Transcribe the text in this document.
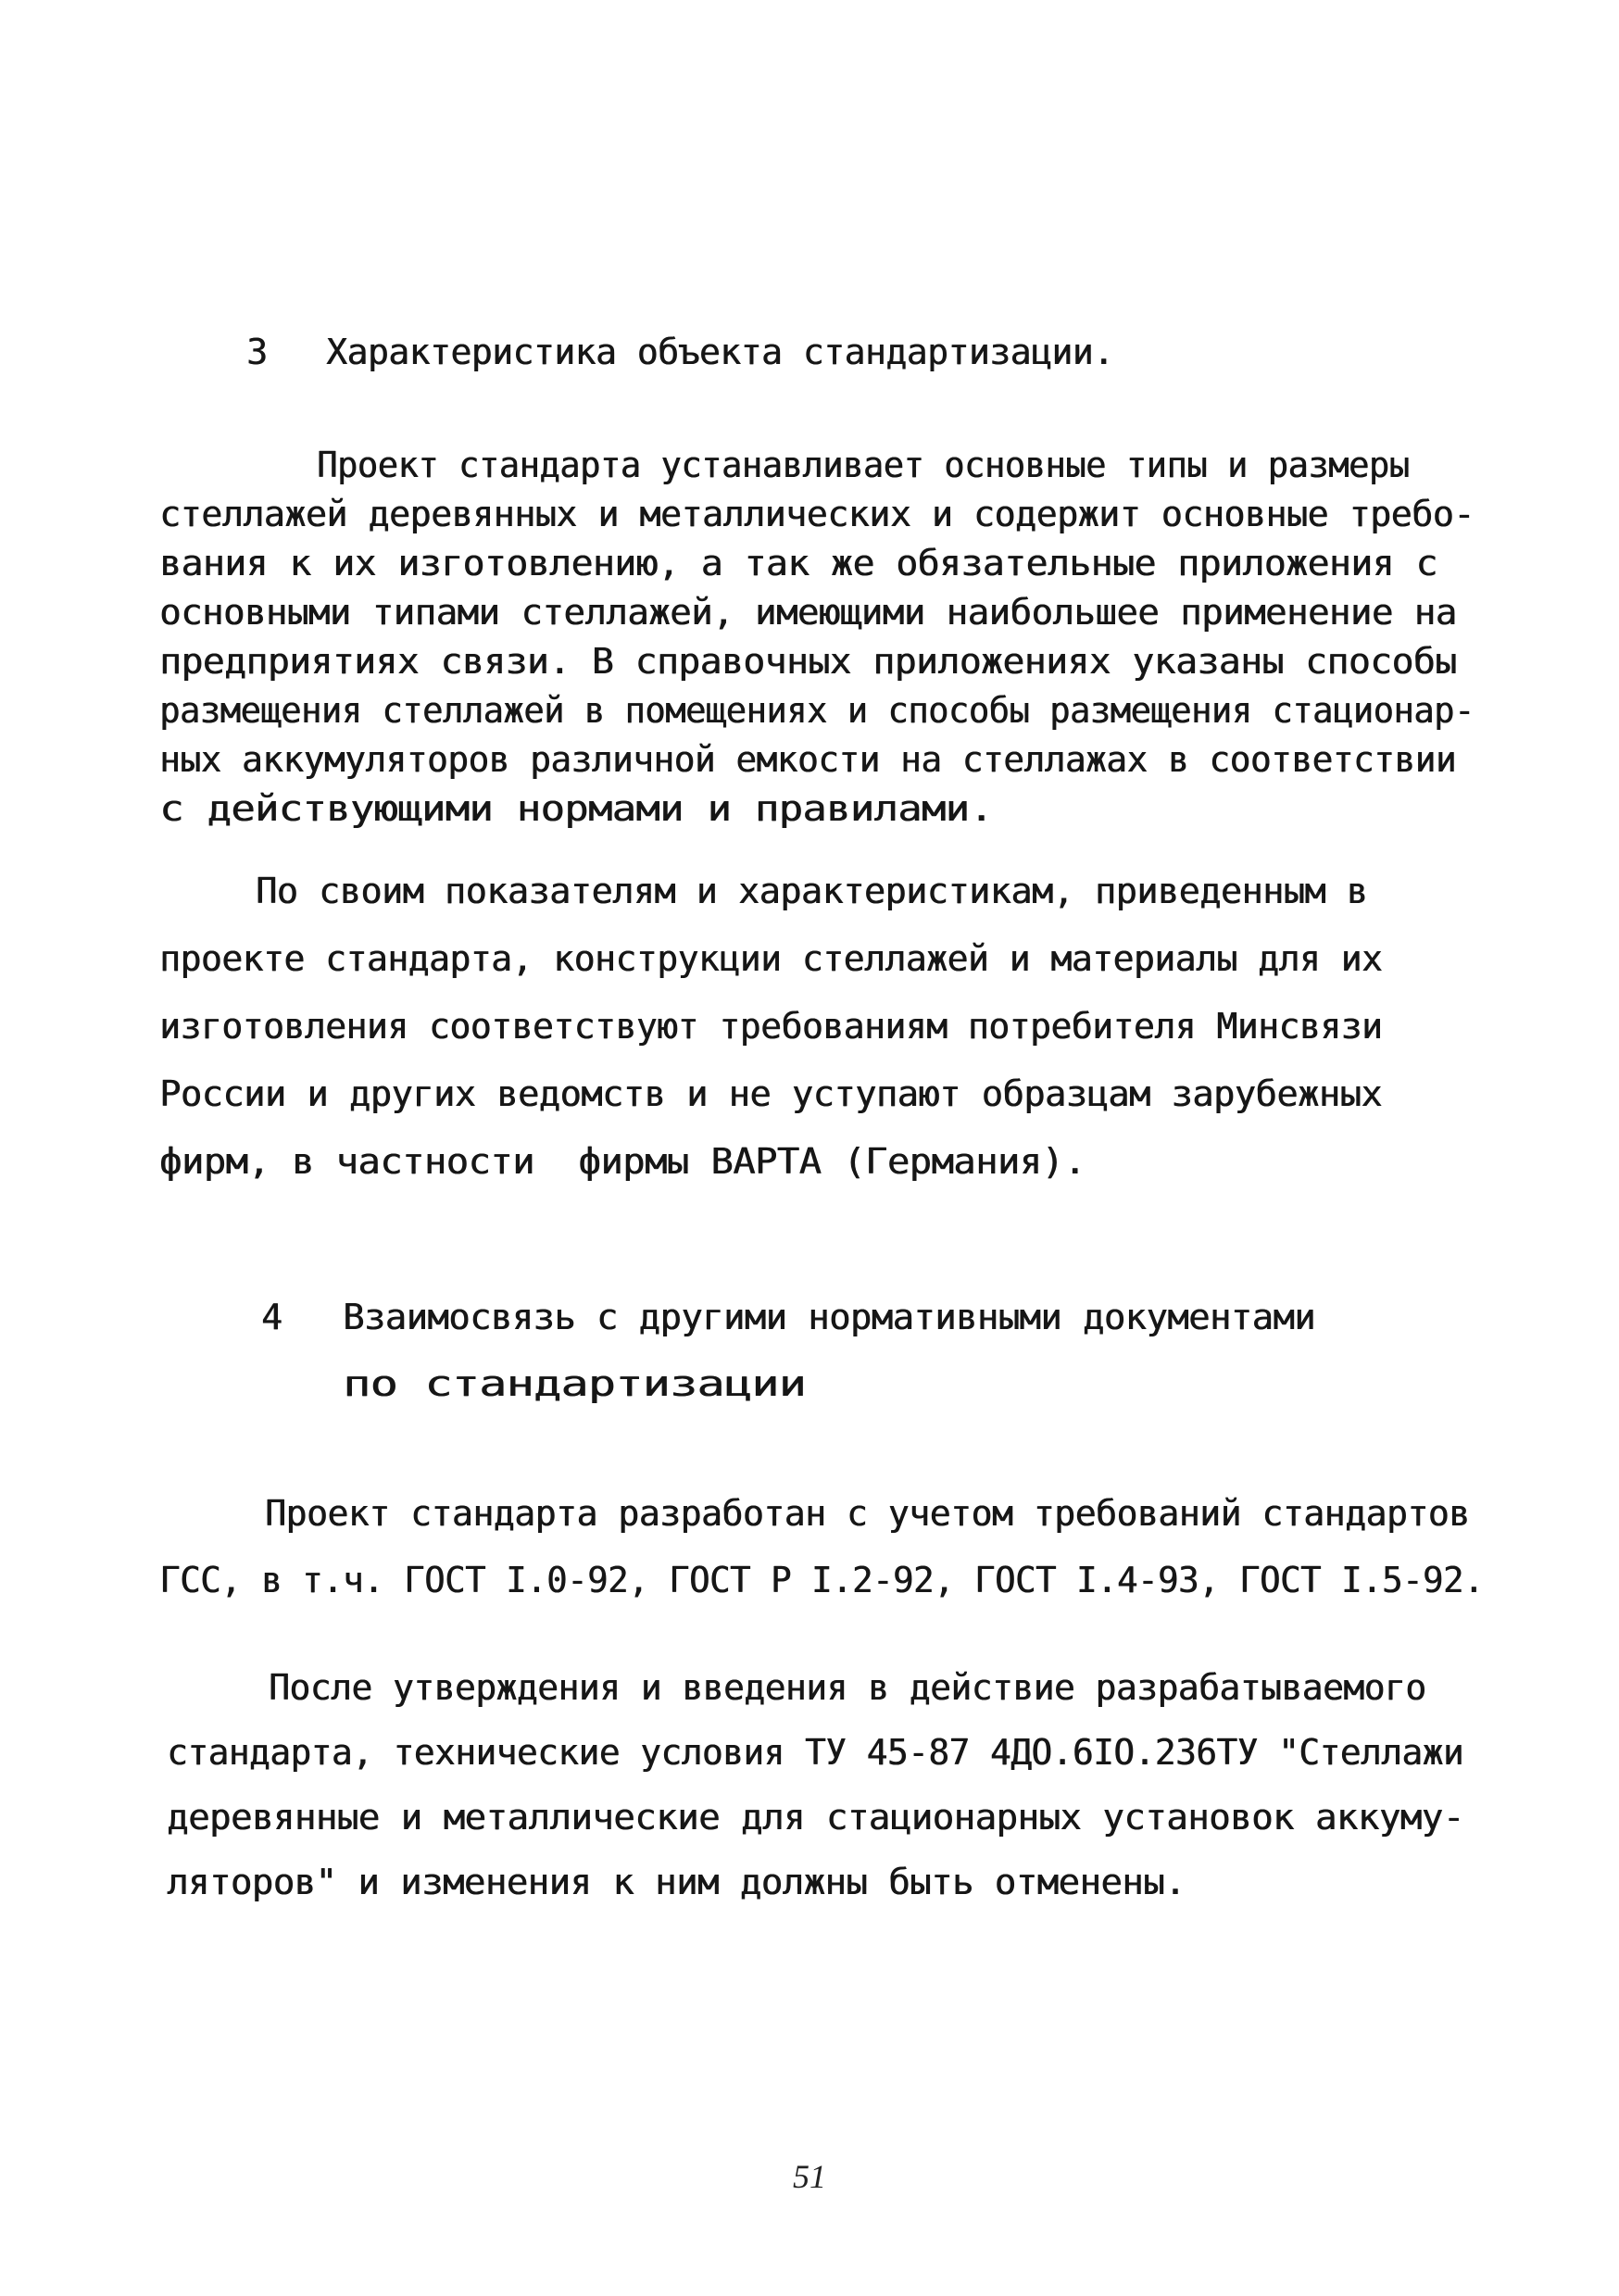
3 Характеристика объекта стандартизации.
Проект стандарта устанавливает основные типы и размеры
стеллажей деревянных и металлических и содержит основные требо-
вания к их изготовлению, а так же обязательные приложения с
основными типами стеллажей, имеющими наибольшее применение на
предприятиях связи. В справочных приложениях указаны способы
размещения стеллажей в помещениях и способы размещения стационар-
ных аккумуляторов различной емкости на стеллажах в соответствии
с действующими нормами и правилами.
По своим показателям и характеристикам, приведенным в
проекте стандарта, конструкции стеллажей и материалы для их
изготовления соответствуют требованиям потребителя Минсвязи
России и других ведомств и не уступают образцам зарубежных
фирм, в частности  фирмы ВАРТА (Германия).
4 Взаимосвязь с другими нормативными документами
по стандартизации
Проект стандарта разработан с учетом требований стандартов
ГСС, в т.ч. ГОСТ I.0-92, ГОСТ Р I.2-92, ГОСТ I.4-93, ГОСТ I.5-92.
После утверждения и введения в действие разрабатываемого
стандарта, технические условия ТУ 45-87 4ДО.6IO.236ТУ "Стеллажи
деревянные и металлические для стационарных установок аккуму-
ляторов" и изменения к ним должны быть отменены.
51
